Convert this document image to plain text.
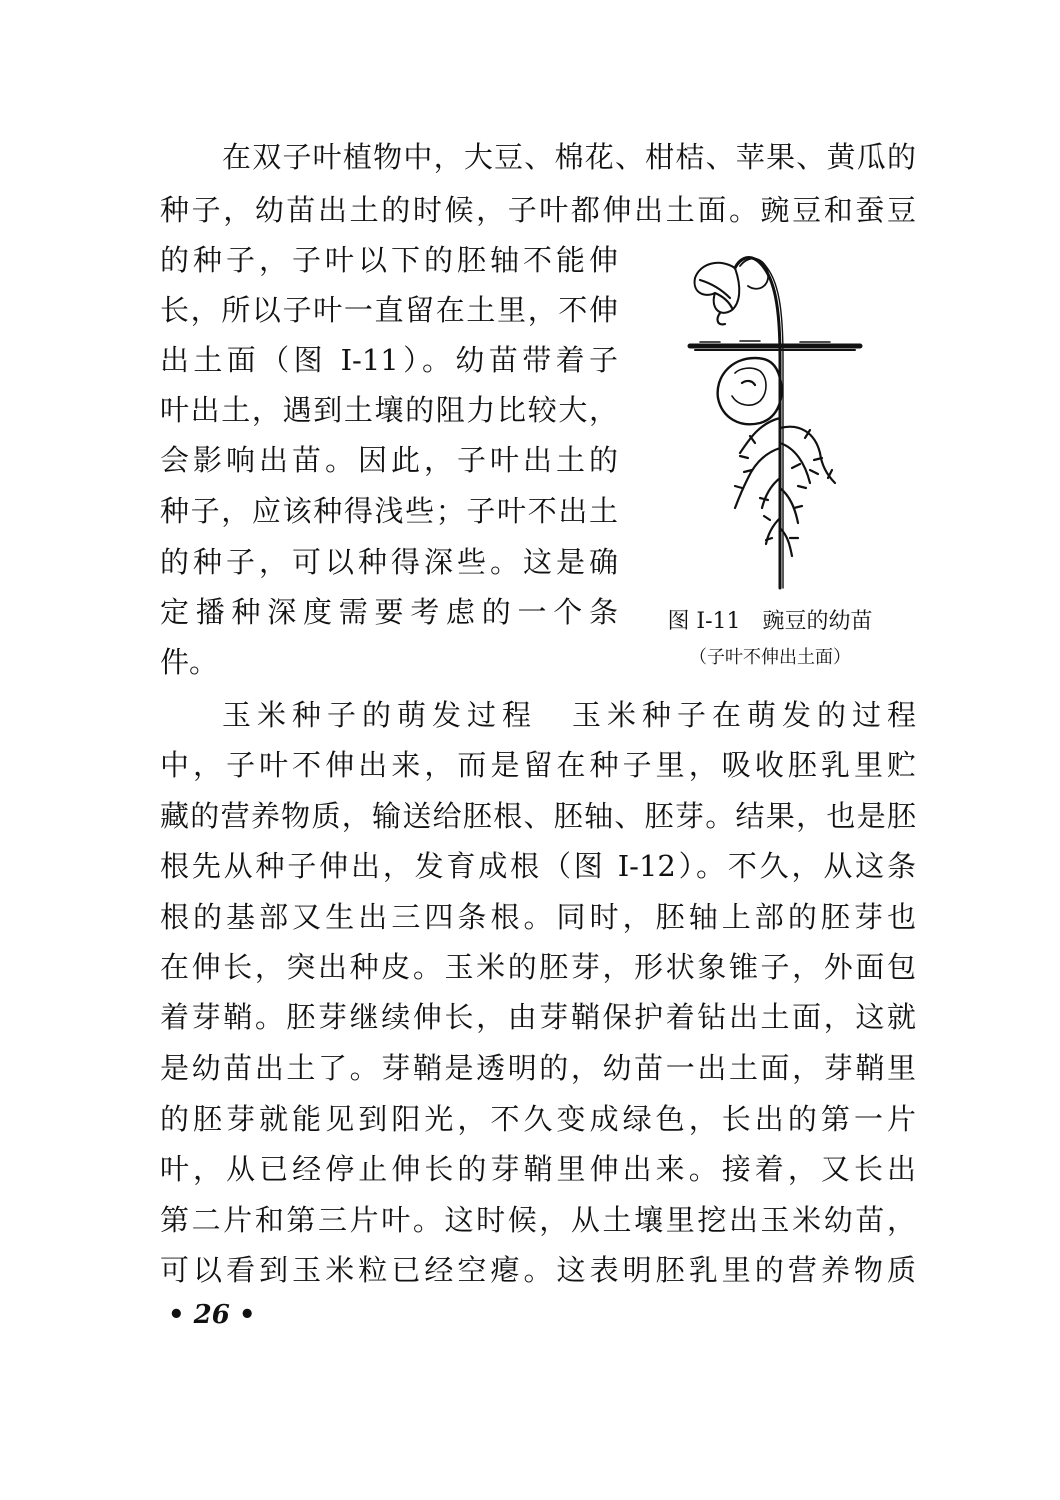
在双子叶植物中，大豆、棉花、柑桔、苹果、黄瓜的
种子，幼苗出土的时候，子叶都伸出土面。豌豆和蚕豆
的种子，子叶以下的胚轴不能伸
长，所以子叶一直留在土里，不伸
出土面（图 I-11）。幼苗带着子
叶出土，遇到土壤的阻力比较大，
会影响出苗。因此，子叶出土的
种子，应该种得浅些；子叶不出土
的种子，可以种得深些。这是确
定播种深度需要考虑的一个条
件。
图 I-11　豌豆的幼苗
（子叶不伸出土面）
玉米种子的萌发过程　 玉米种子在萌发的过程
中，子叶不伸出来，而是留在种子里，吸收胚乳里贮
藏的营养物质，输送给胚根、胚轴、胚芽。结果，也是胚
根先从种子伸出，发育成根（图 I-12）。不久，从这条
根的基部又生出三四条根。同时，胚轴上部的胚芽也
在伸长，突出种皮。玉米的胚芽，形状象锥子，外面包
着芽鞘。胚芽继续伸长，由芽鞘保护着钻出土面，这就
是幼苗出土了。芽鞘是透明的，幼苗一出土面，芽鞘里
的胚芽就能见到阳光，不久变成绿色，长出的第一片
叶，从已经停止伸长的芽鞘里伸出来。接着，又长出
第二片和第三片叶。这时候，从土壤里挖出玉米幼苗，
可以看到玉米粒已经空瘪。这表明胚乳里的营养物质
• 26 •
